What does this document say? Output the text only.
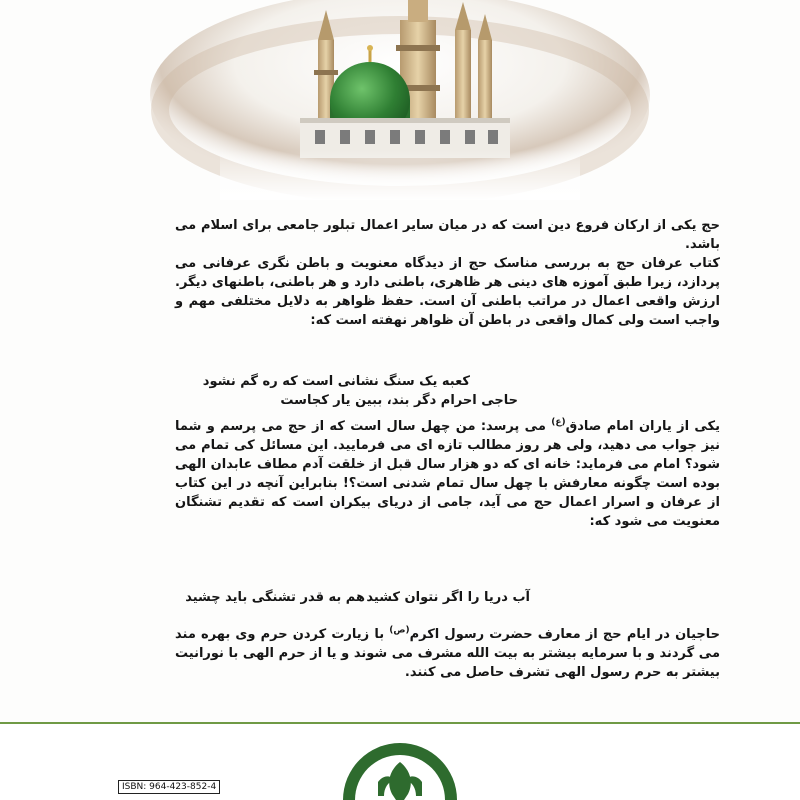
حج یکی از ارکان فروع دین است که در میان سایر اعمال تبلور جامعی برای اسلام می باشد.
کتاب عرفان حج به بررسی مناسک حج از دیدگاه معنویت و باطن نگری عرفانی می پردازد، زیرا طبق آموزه های دینی هر ظاهری، باطنی دارد و هر باطنی، باطنهای دیگر. ارزش واقعی اعمال در مراتب باطنی آن است. حفظ ظواهر به دلایل مختلفی مهم و واجب است ولی کمال واقعی در باطن آن ظواهر نهفته است که:
کعبه یک سنگ نشانی است که ره گم نشود
حاجی احرام دگر بند، ببین یار کجاست
یکی از یاران امام صادق$^{(ع)}$ می پرسد: من چهل سال است که از حج می پرسم و شما نیز جواب می دهید، ولی هر روز مطالب تازه ای می فرمایید. این مسائل کی تمام می شود؟ امام می فرماید: خانه ای که دو هزار سال قبل از خلقت آدم مطاف عابدان الهی بوده است چگونه معارفش با چهل سال تمام شدنی است؟! بنابراین آنچه در این کتاب از عرفان و اسرار اعمال حج می آید، جامی از دریای بیکران است که تقدیم تشنگان معنویت می شود که:
آب دریا را اگر نتوان کشید
هم به قدر تشنگی باید چشید
حاجیان در ایام حج از معارف حضرت رسول اکرم$^{(ص)}$ با زیارت کردن حرم وی بهره مند می گردند و با سرمایه بیشتر به بیت الله مشرف می شوند و یا از حرم الهی با نورانیت بیشتر به حرم رسول الهی تشرف حاصل می کنند.
ISBN: 964-423-852-4
